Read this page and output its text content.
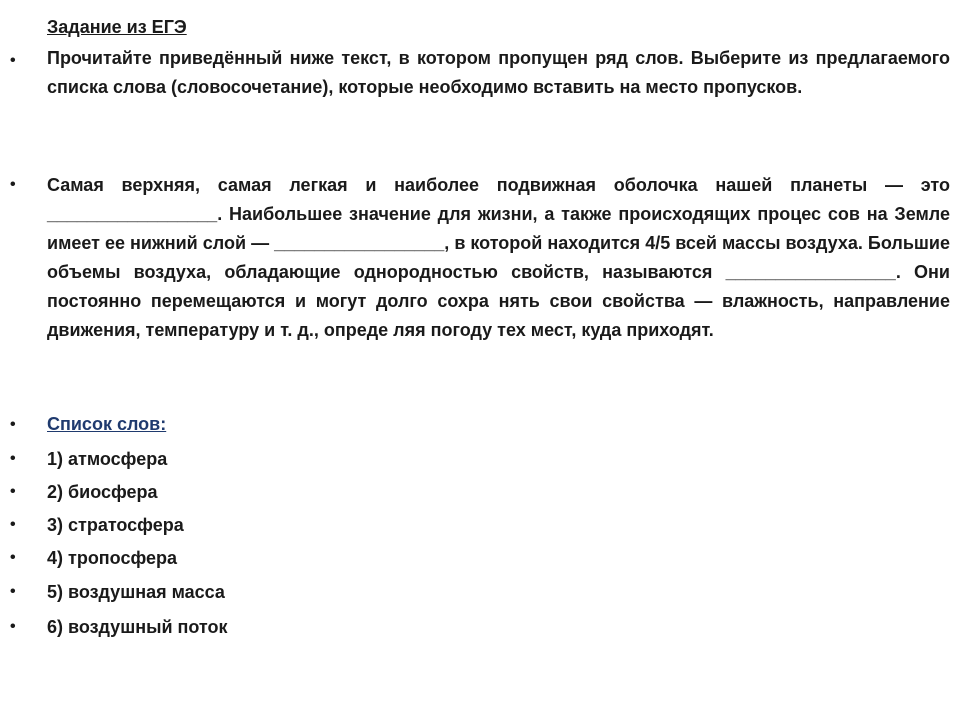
Задание из ЕГЭ
• Прочитайте приведённый ниже текст, в котором пропущен ряд слов. Выберите из предлагаемого списка слова (словосочетание), которые необходимо вставить на место пропусков.
• Самая верхняя, самая легкая и наиболее подвижная оболочка нашей планеты — это _________________. Наибольшее значение для жизни, а также происходящих процес сов на Земле имеет ее нижний слой — _________________, в которой находится 4/5 всей массы воздуха. Большие объемы воздуха, обладающие однородностью свойств, называются _________________. Они постоянно перемещаются и могут долго сохра нять свои свойства — влажность, направление движения, температуру и т. д., опреде ляя погоду тех мест, куда приходят.
• Список слов:
• 1) атмосфера
• 2) биосфера
• 3) стратосфера
• 4) тропосфера
• 5) воздушная масса
• 6) воздушный поток
